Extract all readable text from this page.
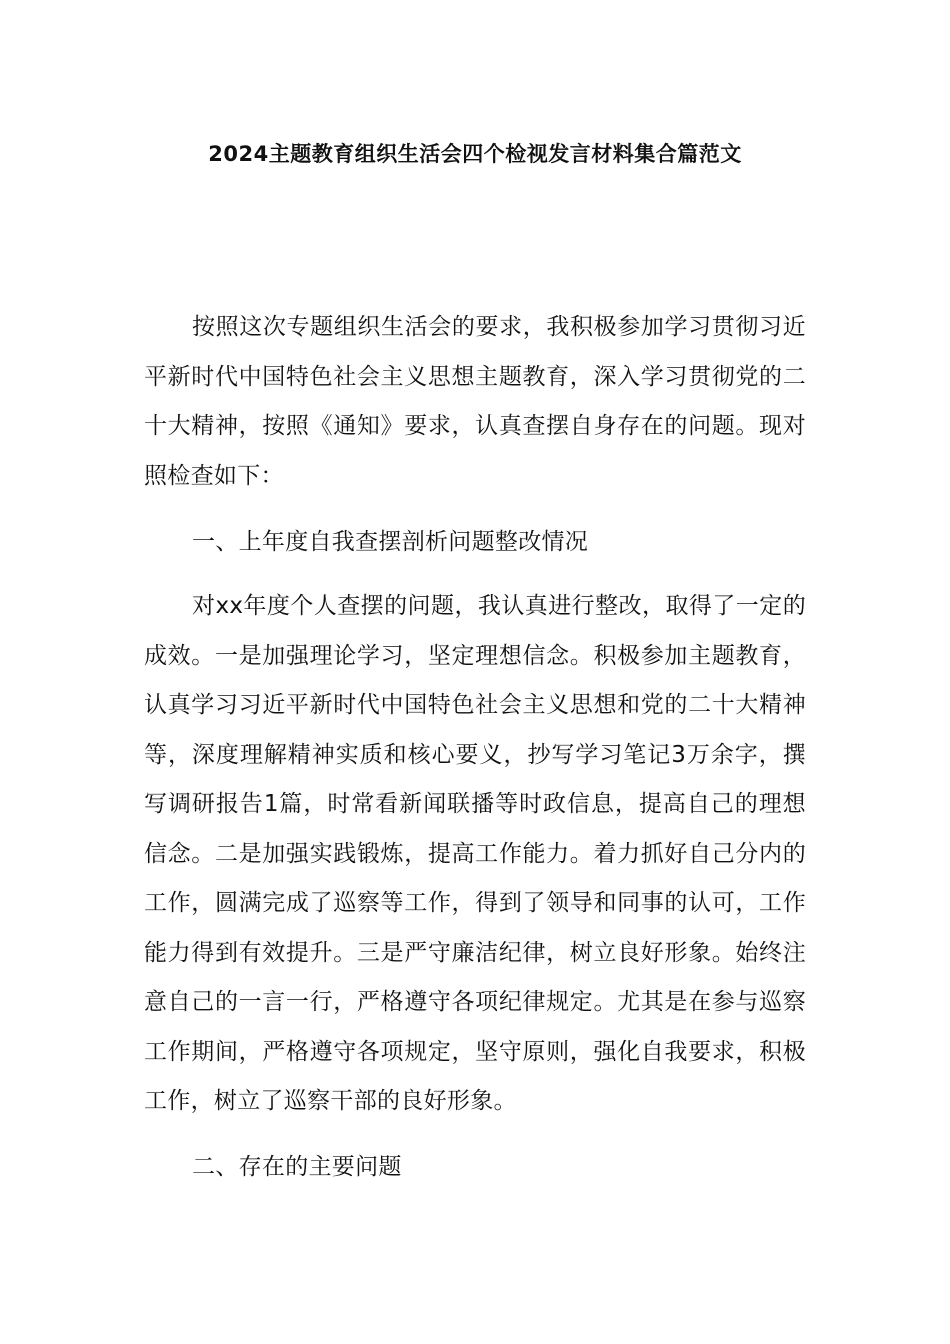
2024主题教育组织生活会四个检视发言材料集合篇范文
按照这次专题组织生活会的要求，我积极参加学习贯彻习近平新时代中国特色社会主义思想主题教育，深入学习贯彻党的二十大精神，按照《通知》要求，认真查摆自身存在的问题。现对照检查如下：
一、上年度自我查摆剖析问题整改情况
对xx年度个人查摆的问题，我认真进行整改，取得了一定的成效。一是加强理论学习，坚定理想信念。积极参加主题教育，认真学习习近平新时代中国特色社会主义思想和党的二十大精神等，深度理解精神实质和核心要义，抄写学习笔记3万余字，撰写调研报告1篇，时常看新闻联播等时政信息，提高自己的理想信念。二是加强实践锻炼，提高工作能力。着力抓好自己分内的工作，圆满完成了巡察等工作，得到了领导和同事的认可，工作能力得到有效提升。三是严守廉洁纪律，树立良好形象。始终注意自己的一言一行，严格遵守各项纪律规定。尤其是在参与巡察工作期间，严格遵守各项规定，坚守原则，强化自我要求，积极工作，树立了巡察干部的良好形象。
二、存在的主要问题
